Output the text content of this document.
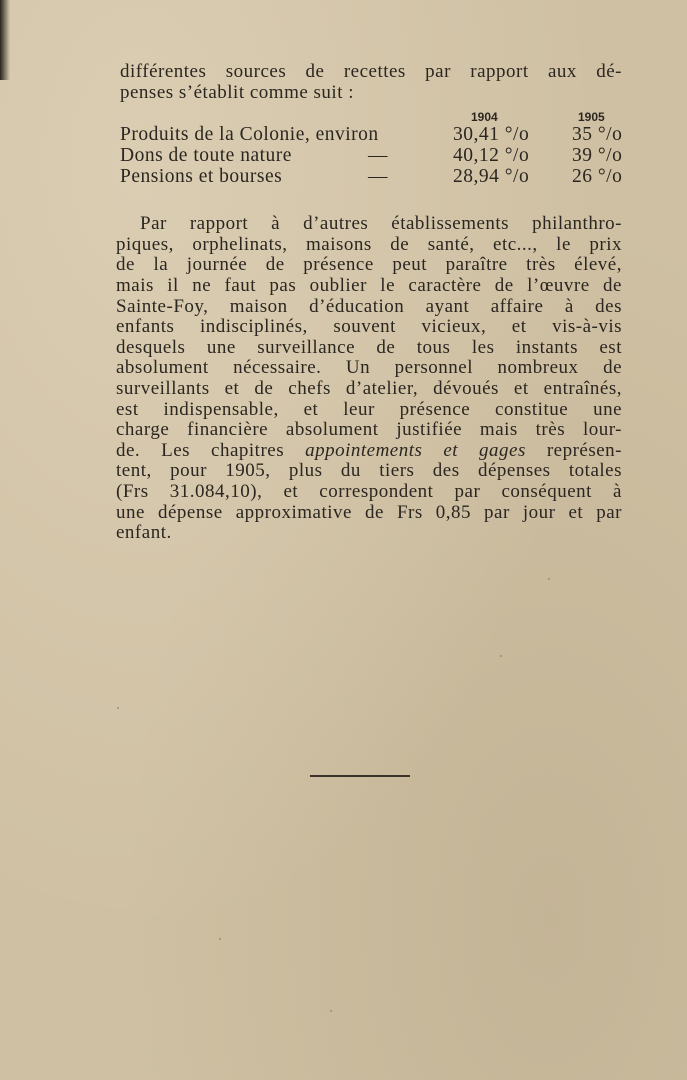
différentes sources de recettes par rapport aux dé-
penses s’établit comme suit :
1904	1905
Produits de la Colonie, environ	30,41 °/o 35 °/o
Dons de toute nature	—	40,12 °/o 39 °/o
Pensions et bourses	—	28,94 °/o 26 °/o
Par rapport à d’autres établissements philanthro-
piques, orphelinats, maisons de santé, etc..., le prix
de la journée de présence peut paraître très élevé,
mais il ne faut pas oublier le caractère de l’œuvre de
Sainte-Foy, maison d’éducation ayant affaire à des
enfants indisciplinés, souvent vicieux, et vis-à-vis
desquels une surveillance de tous les instants est
absolument nécessaire. Un personnel nombreux de
surveillants et de chefs d’atelier, dévoués et entraînés,
est indispensable, et leur présence constitue une
charge financière absolument justifiée mais très lour-
de. Les chapitres appointements et gages représen-
tent, pour 1905, plus du tiers des dépenses totales
(Frs 31.084,10), et correspondent par conséquent à
une dépense approximative de Frs 0,85 par jour et par
enfant.
